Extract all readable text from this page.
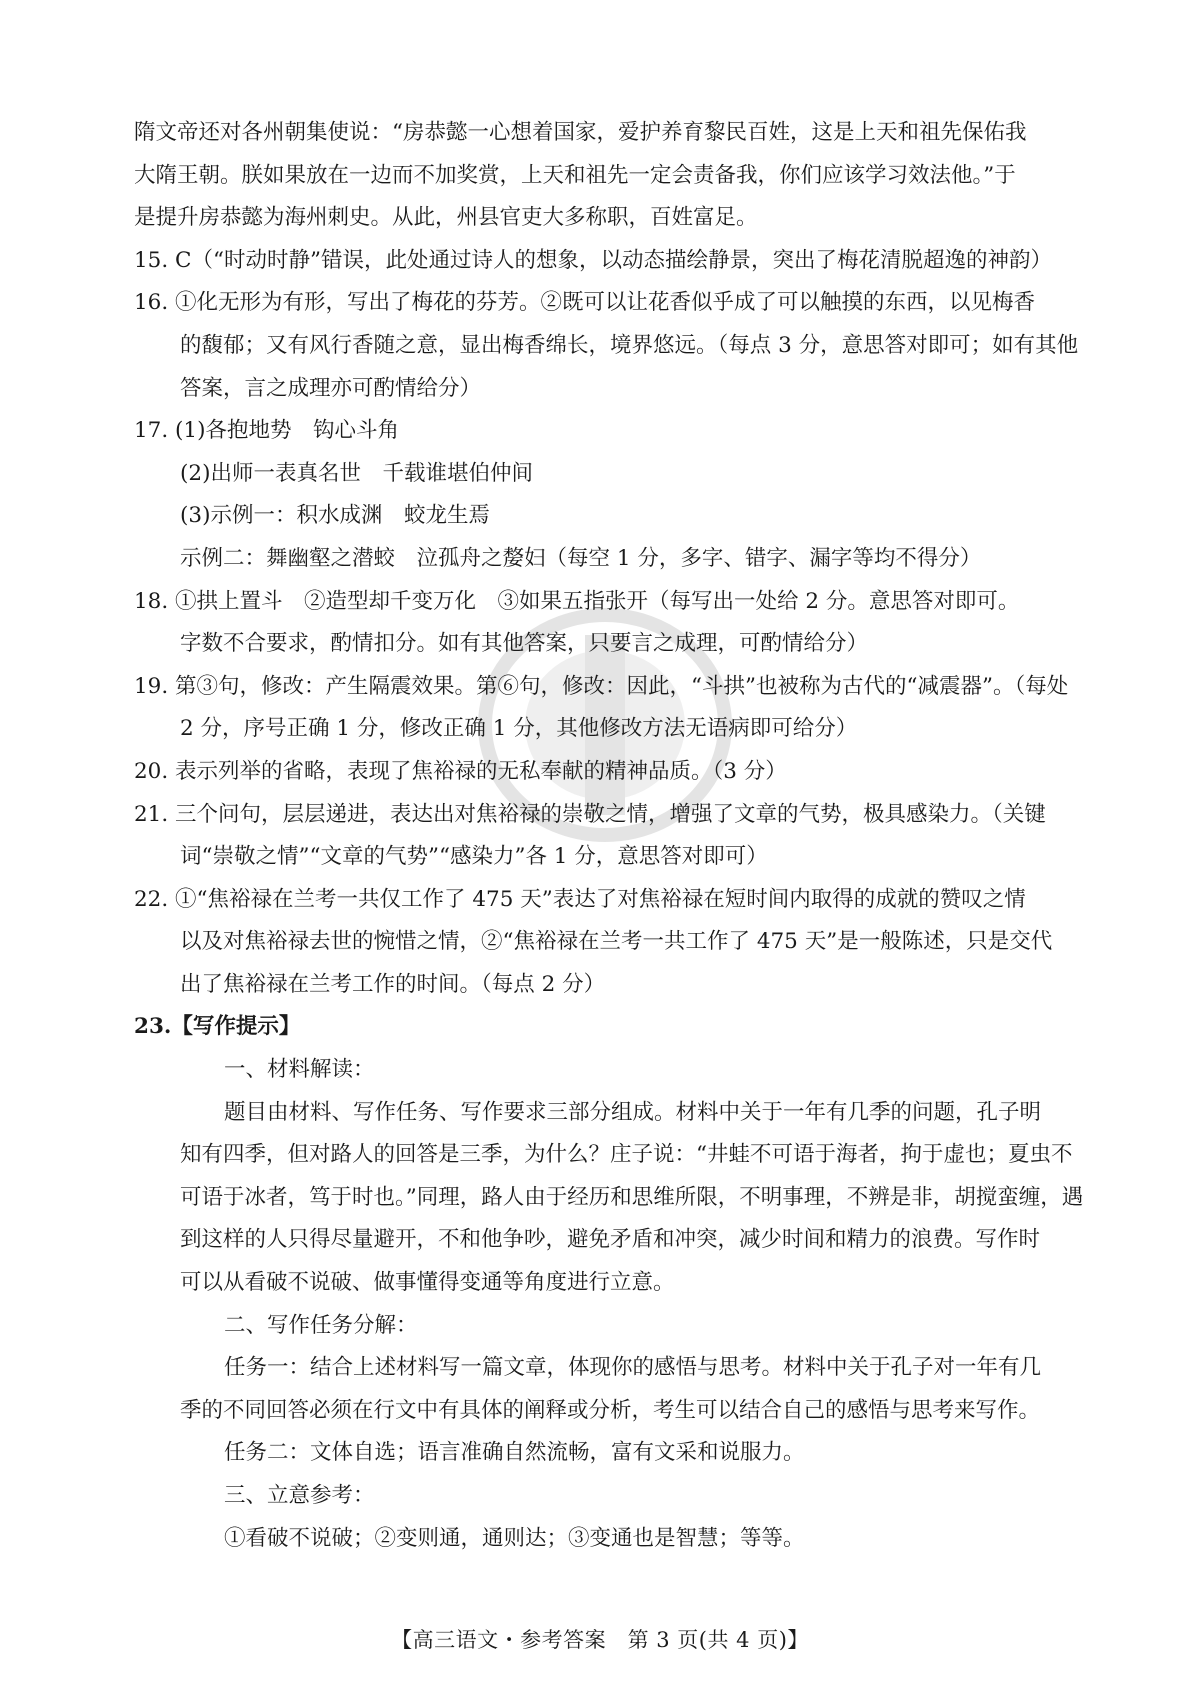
隋文帝还对各州朝集使说：“房恭懿一心想着国家，爱护养育黎民百姓，这是上天和祖先保佑我
大隋王朝。朕如果放在一边而不加奖赏，上天和祖先一定会责备我，你们应该学习效法他。”于
是提升房恭懿为海州刺史。从此，州县官吏大多称职，百姓富足。
15. C（“时动时静”错误，此处通过诗人的想象，以动态描绘静景，突出了梅花清脱超逸的神韵）
16. ①化无形为有形，写出了梅花的芬芳。②既可以让花香似乎成了可以触摸的东西，以见梅香
的馥郁；又有风行香随之意，显出梅香绵长，境界悠远。（每点 3 分，意思答对即可；如有其他
答案，言之成理亦可酌情给分）
17. (1)各抱地势　钩心斗角
(2)出师一表真名世　千载谁堪伯仲间
(3)示例一：积水成渊　蛟龙生焉
示例二：舞幽壑之潜蛟　泣孤舟之嫠妇（每空 1 分，多字、错字、漏字等均不得分）
18. ①拱上置斗　②造型却千变万化　③如果五指张开（每写出一处给 2 分。意思答对即可。
字数不合要求，酌情扣分。如有其他答案，只要言之成理，可酌情给分）
19. 第③句，修改：产生隔震效果。第⑥句，修改：因此，“斗拱”也被称为古代的“减震器”。（每处
2 分，序号正确 1 分，修改正确 1 分，其他修改方法无语病即可给分）
20. 表示列举的省略，表现了焦裕禄的无私奉献的精神品质。（3 分）
21. 三个问句，层层递进，表达出对焦裕禄的崇敬之情，增强了文章的气势，极具感染力。（关键
词“崇敬之情”“文章的气势”“感染力”各 1 分，意思答对即可）
22. ①“焦裕禄在兰考一共仅工作了 475 天”表达了对焦裕禄在短时间内取得的成就的赞叹之情
以及对焦裕禄去世的惋惜之情，②“焦裕禄在兰考一共工作了 475 天”是一般陈述，只是交代
出了焦裕禄在兰考工作的时间。（每点 2 分）
23.【写作提示】
一、材料解读：
题目由材料、写作任务、写作要求三部分组成。材料中关于一年有几季的问题，孔子明
知有四季，但对路人的回答是三季，为什么？庄子说：“井蛙不可语于海者，拘于虚也；夏虫不
可语于冰者，笃于时也。”同理，路人由于经历和思维所限，不明事理，不辨是非，胡搅蛮缠，遇
到这样的人只得尽量避开，不和他争吵，避免矛盾和冲突，减少时间和精力的浪费。写作时
可以从看破不说破、做事懂得变通等角度进行立意。
二、写作任务分解：
任务一：结合上述材料写一篇文章，体现你的感悟与思考。材料中关于孔子对一年有几
季的不同回答必须在行文中有具体的阐释或分析，考生可以结合自己的感悟与思考来写作。
任务二：文体自选；语言准确自然流畅，富有文采和说服力。
三、立意参考：
①看破不说破；②变则通，通则达；③变通也是智慧；等等。
【高三语文・参考答案　第 3 页(共 4 页)】
